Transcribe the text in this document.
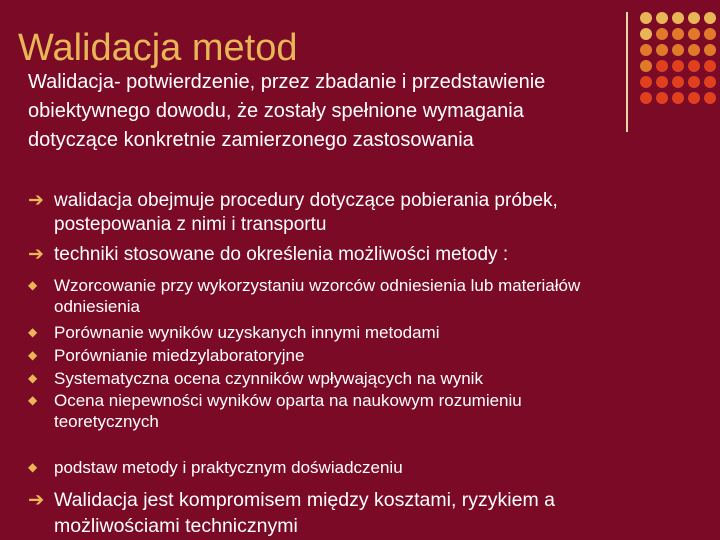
Walidacja metod
Walidacja- potwierdzenie, przez zbadanie i przedstawienie
obiektywnego dowodu, że zostały spełnione wymagania
dotyczące konkretnie zamierzonego zastosowania
➔ walidacja obejmuje procedury dotyczące pobierania próbek,
postepowania z nimi i transportu
➔ techniki stosowane do określenia możliwości metody :
◆ Wzorcowanie przy wykorzystaniu wzorców odniesienia lub materiałów
odniesienia
◆ Porównanie wyników uzyskanych innymi metodami
◆ Porównianie miedzylaboratoryjne
◆ Systematyczna ocena czynników wpływających na wynik
◆ Ocena niepewności wyników oparta na naukowym rozumieniu
teoretycznych
◆ podstaw metody i praktycznym doświadczeniu
➔ Walidacja jest kompromisem między kosztami, ryzykiem a
możliwościami technicznymi
